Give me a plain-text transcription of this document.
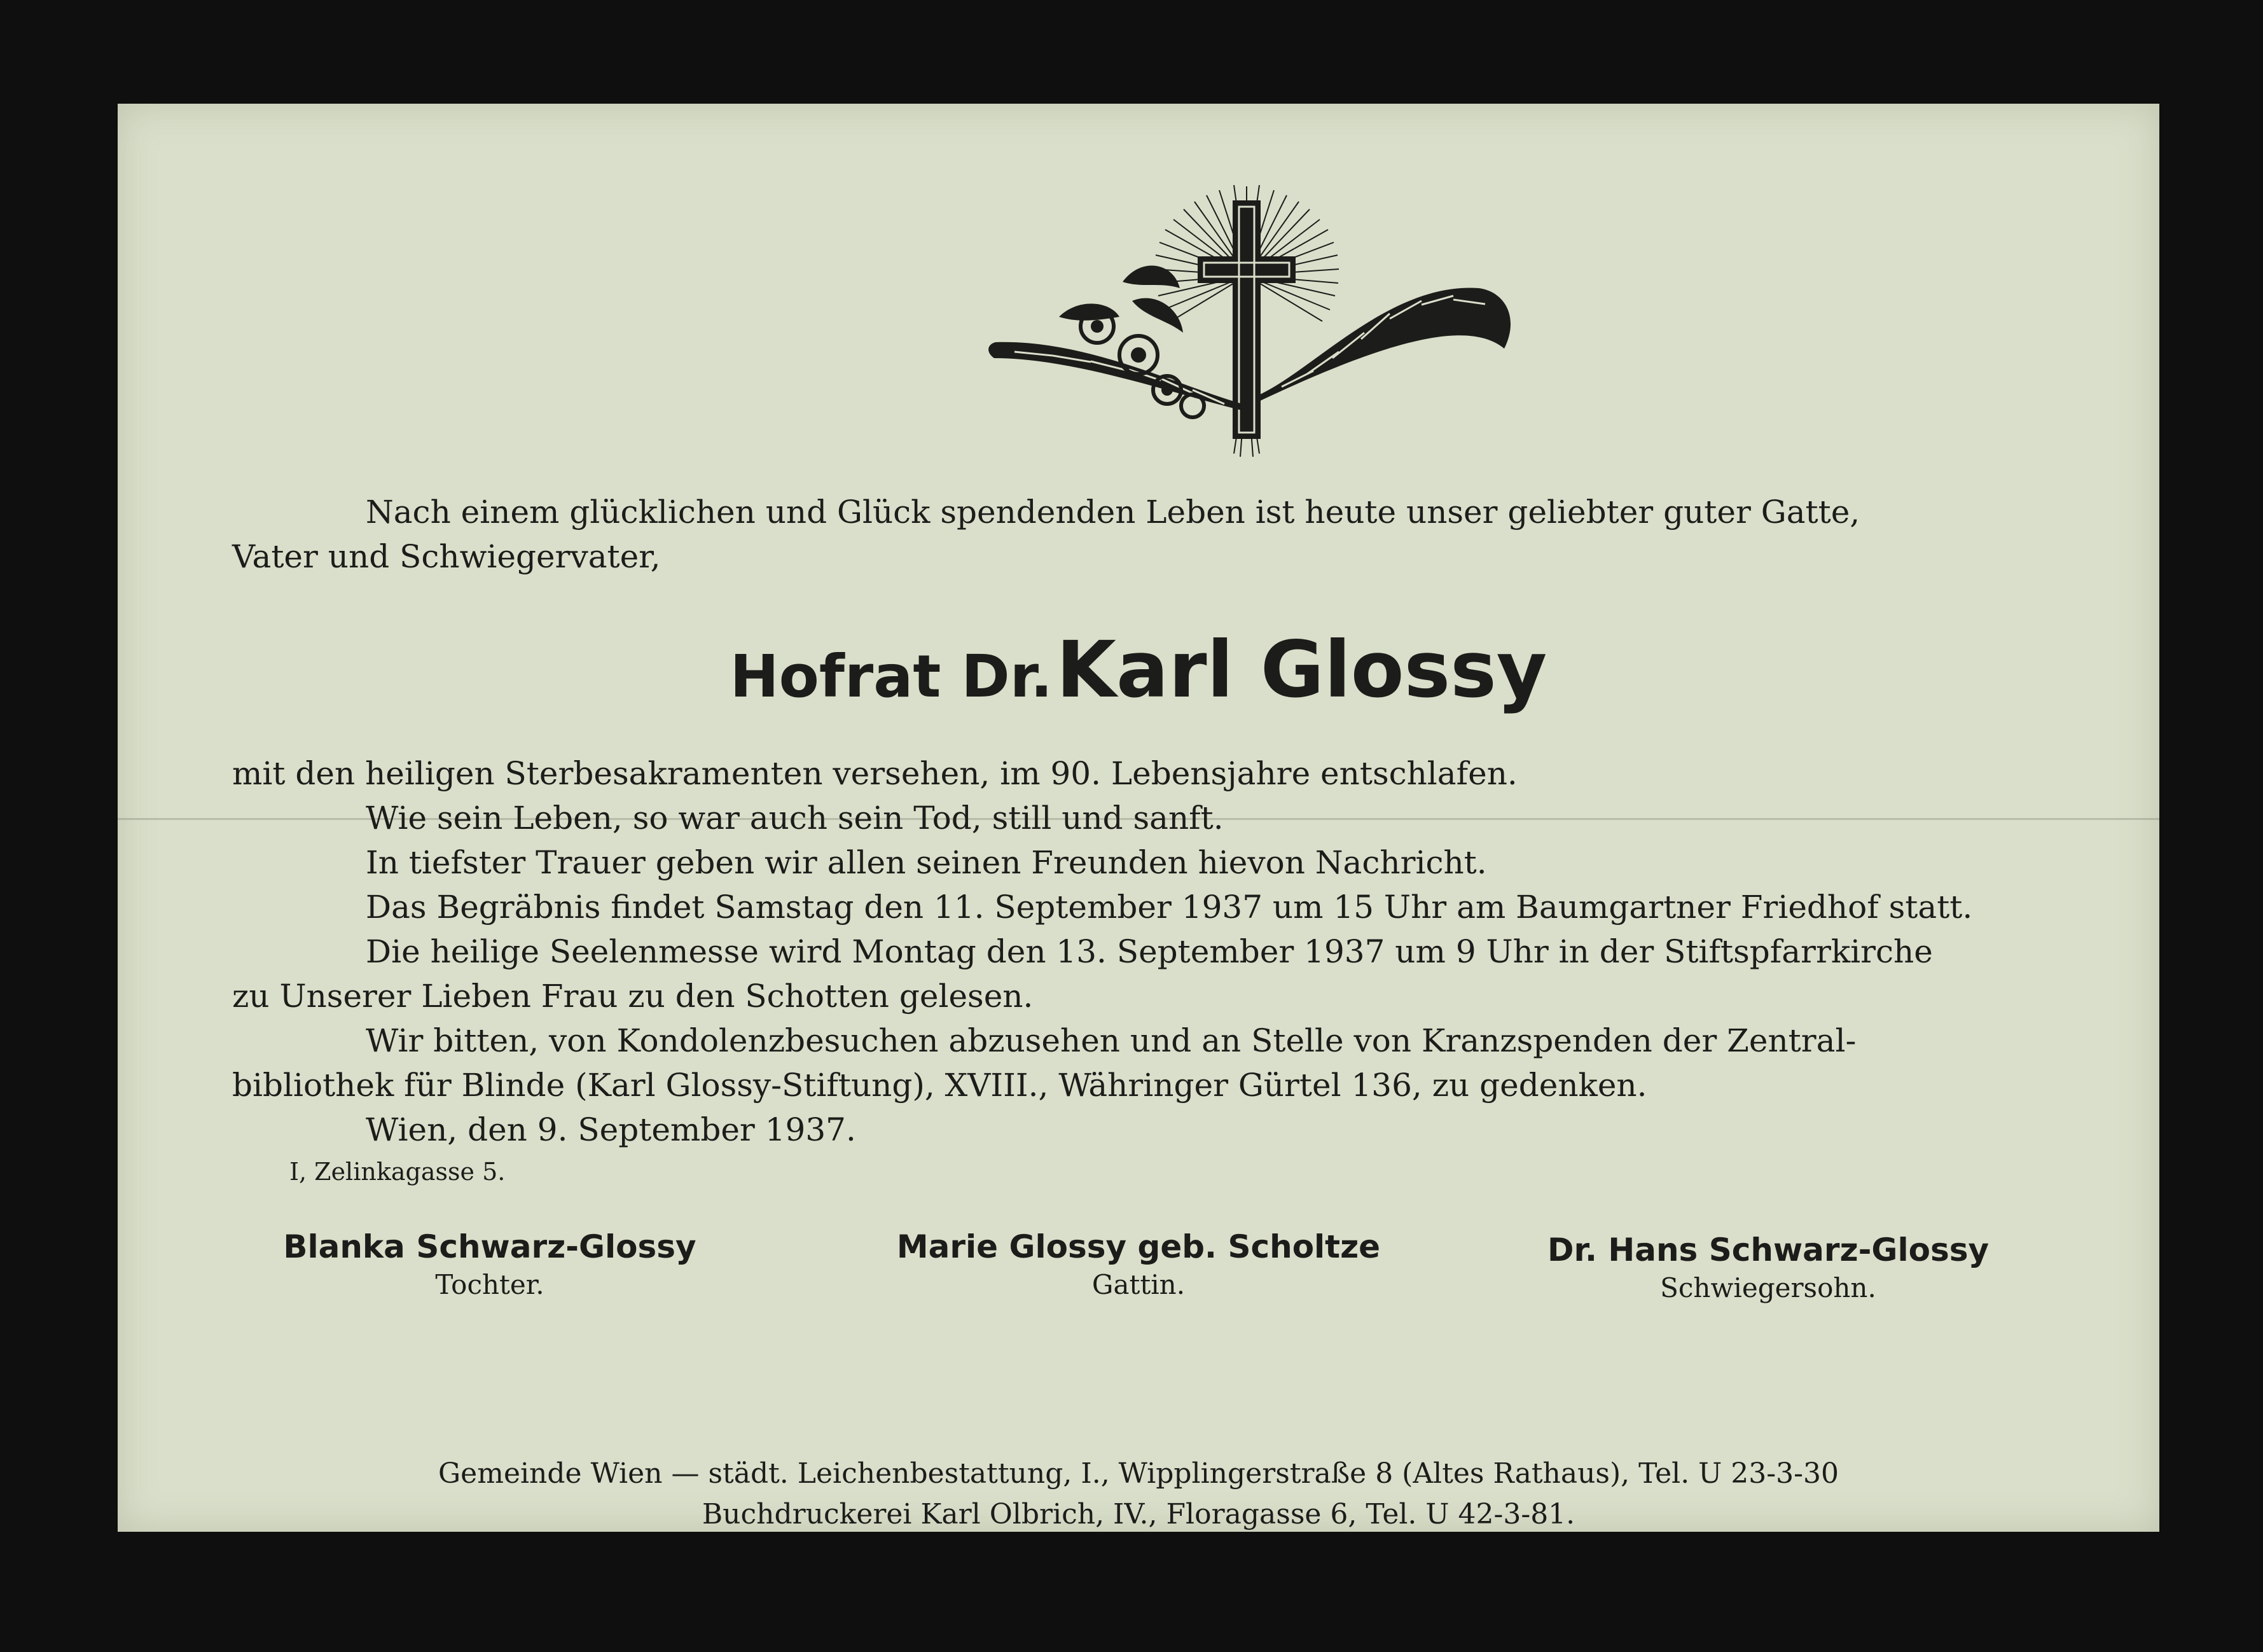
Nach einem glücklichen und Glück spendenden Leben ist heute unser geliebter guter Gatte,
Vater und Schwiegervater,
Hofrat Dr. Karl Glossy
mit den heiligen Sterbesakramenten versehen, im 90. Lebensjahre entschlafen.
Wie sein Leben, so war auch sein Tod, still und sanft.
In tiefster Trauer geben wir allen seinen Freunden hievon Nachricht.
Das Begräbnis findet Samstag den 11. September 1937 um 15 Uhr am Baumgartner Friedhof statt.
Die heilige Seelenmesse wird Montag den 13. September 1937 um 9 Uhr in der Stiftspfarrkirche
zu Unserer Lieben Frau zu den Schotten gelesen.
Wir bitten, von Kondolenzbesuchen abzusehen und an Stelle von Kranzspenden der Zentral-
bibliothek für Blinde (Karl Glossy-Stiftung), XVIII., Währinger Gürtel 136, zu gedenken.
Wien, den 9. September 1937.
I, Zelinkagasse 5.
Blanka Schwarz-Glossy
Tochter.
Marie Glossy geb. Scholtze
Gattin.
Dr. Hans Schwarz-Glossy
Schwiegersohn.
Gemeinde Wien — städt. Leichenbestattung, I., Wipplingerstraße 8 (Altes Rathaus), Tel. U 23-3-30
Buchdruckerei Karl Olbrich, IV., Floragasse 6, Tel. U 42-3-81.
